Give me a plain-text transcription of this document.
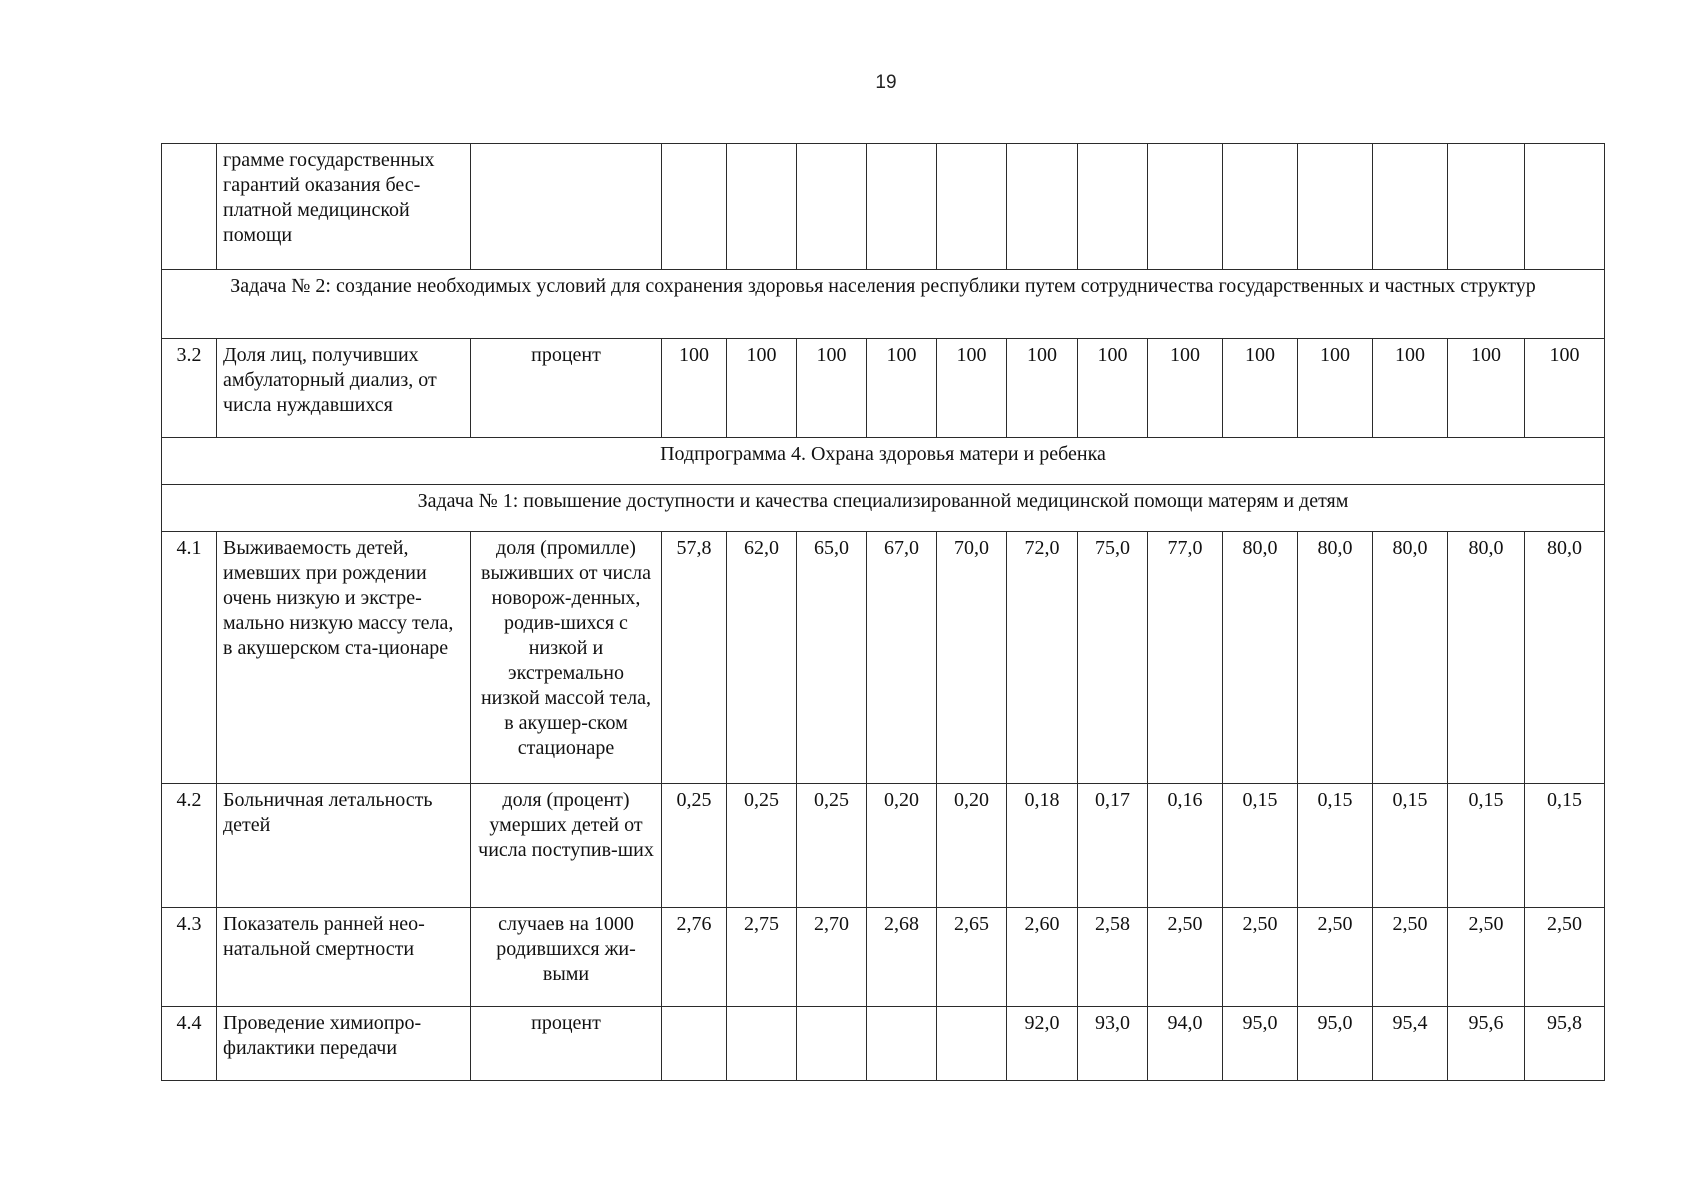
19
	грамме государственных гарантий оказания бес-платной медицинской помощи														
Задача № 2: создание необходимых условий для сохранения здоровья населения республики путем сотрудничества государственных и частных структур															
3.2	Доля лиц, получивших амбулаторный диализ, от числа нуждавшихся	процент	100	100	100	100	100	100	100	100	100	100	100	100	100
Подпрограмма 4. Охрана здоровья матери и ребенка															
Задача № 1: повышение доступности и качества специализированной медицинской помощи матерям и детям															
4.1	Выживаемость детей, имевших при рождении очень низкую и экстре-мально низкую массу тела, в акушерском ста-ционаре	доля (промилле) выживших от числа новорож-денных, родив-шихся с низкой и экстремально низкой массой тела, в акушер-ском стационаре	57,8	62,0	65,0	67,0	70,0	72,0	75,0	77,0	80,0	80,0	80,0	80,0	80,0
4.2	Больничная летальность детей	доля (процент) умерших детей от числа поступив-ших	0,25	0,25	0,25	0,20	0,20	0,18	0,17	0,16	0,15	0,15	0,15	0,15	0,15
4.3	Показатель ранней нео-натальной смертности	случаев на 1000 родившихся жи-выми	2,76	2,75	2,70	2,68	2,65	2,60	2,58	2,50	2,50	2,50	2,50	2,50	2,50
4.4	Проведение химиопро-филактики передачи	процент						92,0	93,0	94,0	95,0	95,0	95,4	95,6	95,8
